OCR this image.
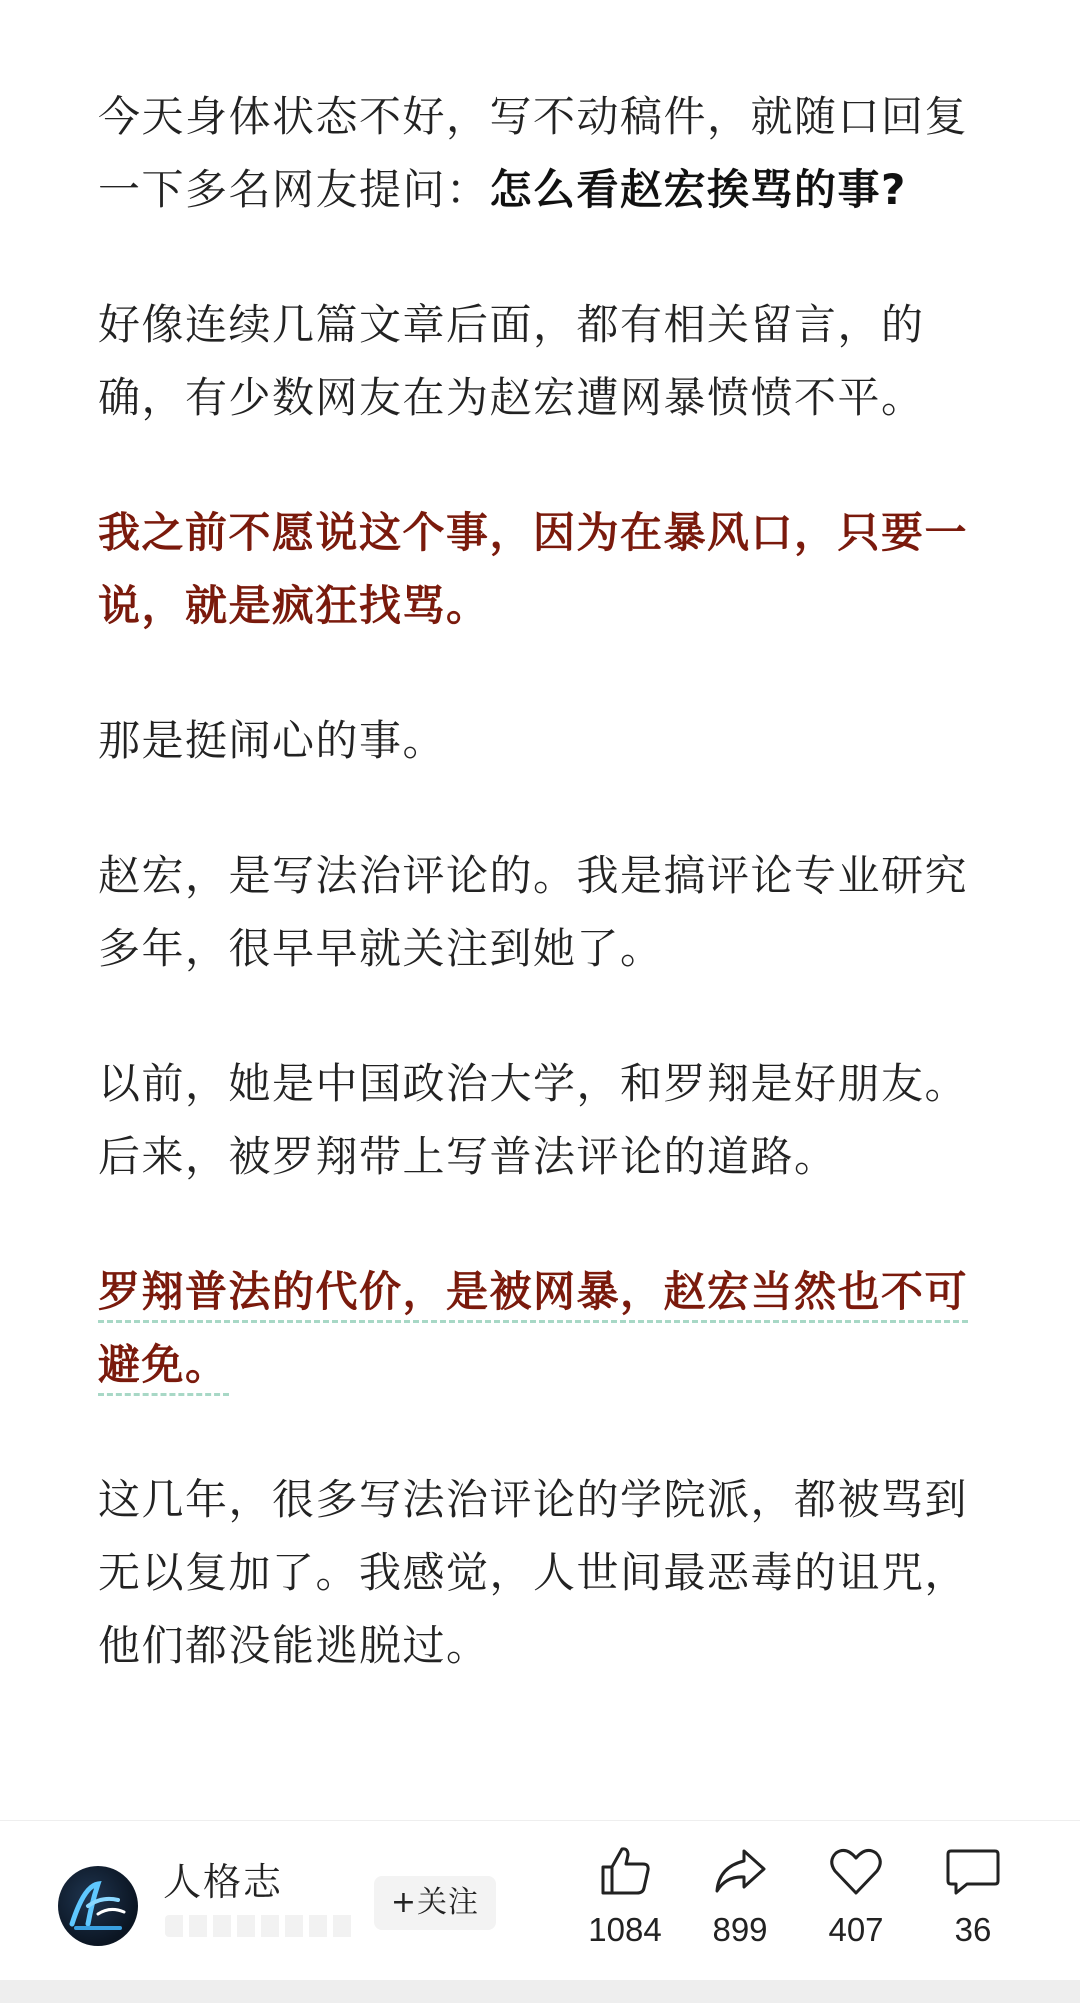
今天身体状态不好，写不动稿件，就随口回复一下多名网友提问：怎么看赵宏挨骂的事?

好像连续几篇文章后面，都有相关留言，的确，有少数网友在为赵宏遭网暴愤愤不平。

我之前不愿说这个事，因为在暴风口，只要一说，就是疯狂找骂。

那是挺闹心的事。

赵宏，是写法治评论的。我是搞评论专业研究多年，很早早就关注到她了。

以前，她是中国政治大学，和罗翔是好朋友。后来，被罗翔带上写普法评论的道路。

罗翔普法的代价，是被网暴，赵宏当然也不可避免。

这几年，很多写法治评论的学院派，都被骂到无以复加了。我感觉，人世间最恶毒的诅咒，他们都没能逃脱过。

人格志	+关注
1084	899	407	36
